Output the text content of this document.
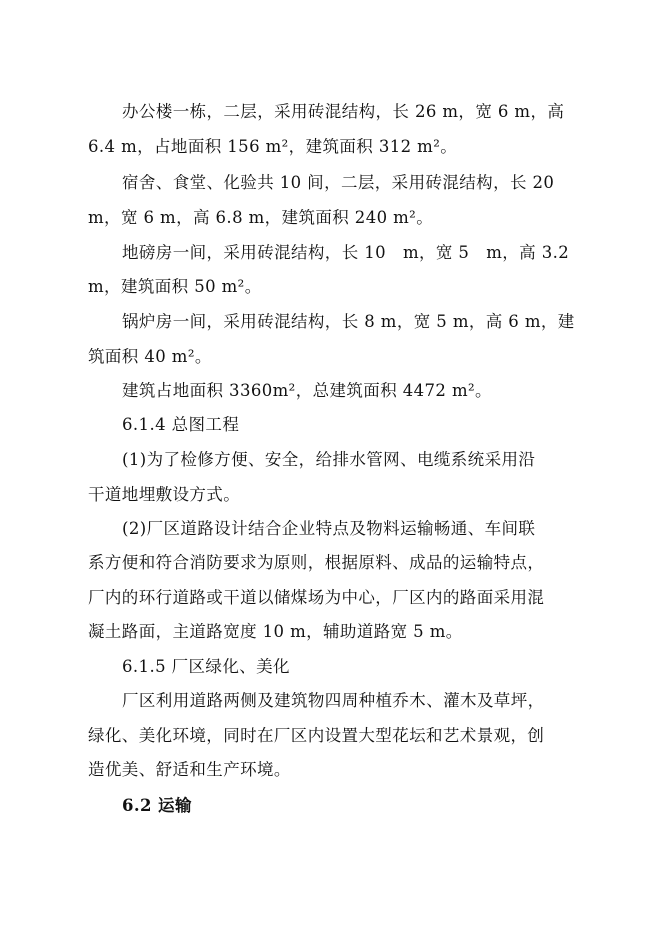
办公楼一栋，二层，采用砖混结构，长 26 m，宽 6 m，高
6.4 m，占地面积 156 m²，建筑面积 312 m²。
宿舍、食堂、化验共 10 间，二层，采用砖混结构，长 20
m，宽 6 m，高 6.8 m，建筑面积 240 m²。
地磅房一间，采用砖混结构，长 10　m，宽 5　m，高 3.2
m，建筑面积 50 m²。
锅炉房一间，采用砖混结构，长 8 m，宽 5 m，高 6 m，建
筑面积 40 m²。
建筑占地面积 3360m²，总建筑面积 4472 m²。
6.1.4 总图工程
(1)为了检修方便、安全，给排水管网、电缆系统采用沿
干道地埋敷设方式。
(2)厂区道路设计结合企业特点及物料运输畅通、车间联
系方便和符合消防要求为原则，根据原料、成品的运输特点，
厂内的环行道路或干道以储煤场为中心，厂区内的路面采用混
凝土路面，主道路宽度 10 m，辅助道路宽 5 m。
6.1.5 厂区绿化、美化
厂区利用道路两侧及建筑物四周种植乔木、灌木及草坪，
绿化、美化环境，同时在厂区内设置大型花坛和艺术景观，创
造优美、舒适和生产环境。
6.2 运输
